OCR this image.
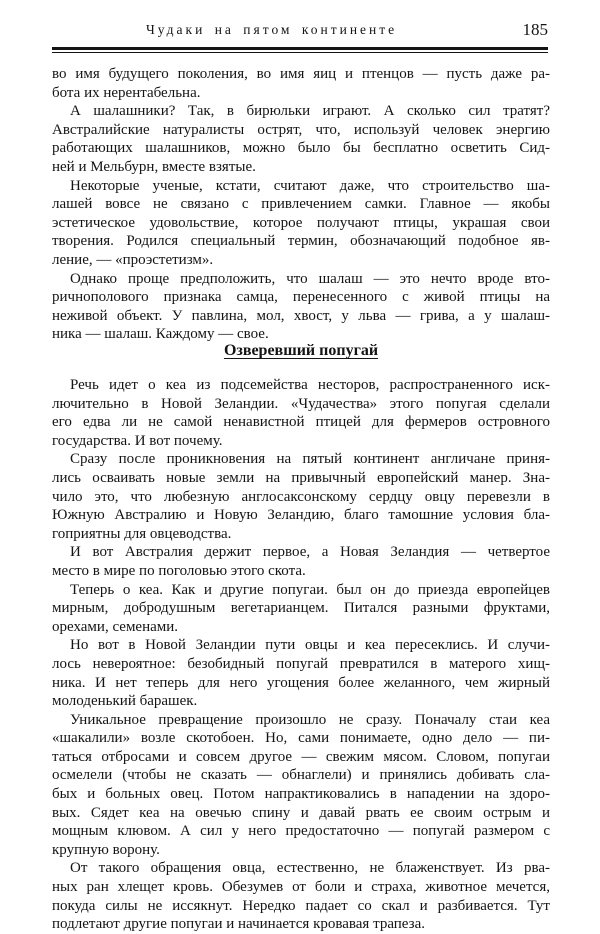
Чудаки на пятом континенте	185
во имя будущего поколения, во имя яиц и птенцов — пусть даже ра-
бота их нерентабельна.
А шалашники? Так, в бирюльки играют. А сколько сил тратят?
Австралийские натуралисты острят, что, используй человек энергию
работающих шалашников, можно было бы бесплатно осветить Сид-
ней и Мельбурн, вместе взятые.
Некоторые ученые, кстати, считают даже, что строительство ша-
лашей вовсе не связано с привлечением самки. Главное — якобы
эстетическое удовольствие, которое получают птицы, украшая свои
творения. Родился специальный термин, обозначающий подобное яв-
ление, — «проэстетизм».
Однако проще предположить, что шалаш — это нечто вроде вто-
ричнополового признака самца, перенесенного с живой птицы на
неживой объект. У павлина, мол, хвост, у льва — грива, а у шалаш-
ника — шалаш. Каждому — свое.
Озверевший попугай
Речь идет о кеа из подсемейства несторов, распространенного иск-
лючительно в Новой Зеландии. «Чудачества» этого попугая сделали
его едва ли не самой ненавистной птицей для фермеров островного
государства. И вот почему.
Сразу после проникновения на пятый континент англичане приня-
лись осваивать новые земли на привычный европейский манер. Зна-
чило это, что любезную англосаксонскому сердцу овцу перевезли в
Южную Австралию и Новую Зеландию, благо тамошние условия бла-
гоприятны для овцеводства.
И вот Австралия держит первое, а Новая Зеландия — четвертое
место в мире по поголовью этого скота.
Теперь о кеа. Как и другие попугаи. был он до приезда европейцев
мирным, добродушным вегетарианцем. Питался разными фруктами,
орехами, семенами.
Но вот в Новой Зеландии пути овцы и кеа пересеклись. И случи-
лось невероятное: безобидный попугай превратился в матерого хищ-
ника. И нет теперь для него угощения более желанного, чем жирный
молоденький барашек.
Уникальное превращение произошло не сразу. Поначалу стаи кеа
«шакалили» возле скотобоен. Но, сами понимаете, одно дело — пи-
таться отбросами и совсем другое — свежим мясом. Словом, попугаи
осмелели (чтобы не сказать — обнаглели) и принялись добивать сла-
бых и больных овец. Потом напрактиковались в нападении на здоро-
вых. Сядет кеа на овечью спину и давай рвать ее своим острым и
мощным клювом. А сил у него предостаточно — попугай размером с
крупную ворону.
От такого обращения овца, естественно, не блаженствует. Из рва-
ных ран хлещет кровь. Обезумев от боли и страха, животное мечется,
покуда силы не иссякнут. Нередко падает со скал и разбивается. Тут
подлетают другие попугаи и начинается кровавая трапеза.
